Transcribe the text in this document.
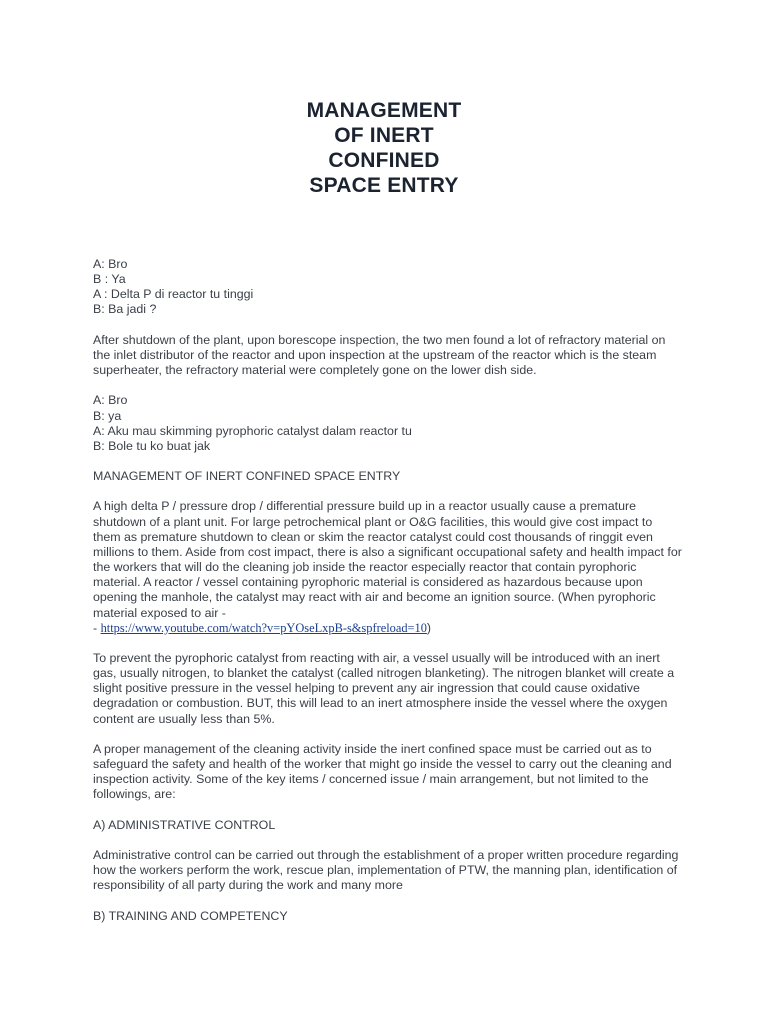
MANAGEMENT
OF INERT
CONFINED
SPACE ENTRY

A: Bro
B : Ya
A : Delta P di reactor tu tinggi
B: Ba jadi ?

After shutdown of the plant, upon borescope inspection, the two men found a lot of refractory material on the inlet distributor of the reactor and upon inspection at the upstream of the reactor which is the steam superheater, the refractory material were completely gone on the lower dish side.

A: Bro
B: ya
A: Aku mau skimming pyrophoric catalyst dalam reactor tu
B: Bole tu ko buat jak

MANAGEMENT OF INERT CONFINED SPACE ENTRY

A high delta P / pressure drop / differential pressure build up in a reactor usually cause a premature shutdown of a plant unit. For large petrochemical plant or O&G facilities, this would give cost impact to them as premature shutdown to clean or skim the reactor catalyst could cost thousands of ringgit even millions to them. Aside from cost impact, there is also a significant occupational safety and health impact for the workers that will do the cleaning job inside the reactor especially reactor that contain pyrophoric material. A reactor / vessel containing pyrophoric material is considered as hazardous because upon opening the manhole, the catalyst may react with air and become an ignition source. (When pyrophoric material exposed to air -
- https://www.youtube.com/watch?v=pYOseLxpB-s&spfreload=10)

To prevent the pyrophoric catalyst from reacting with air, a vessel usually will be introduced with an inert gas, usually nitrogen, to blanket the catalyst (called nitrogen blanketing). The nitrogen blanket will create a slight positive pressure in the vessel helping to prevent any air ingression that could cause oxidative degradation or combustion. BUT, this will lead to an inert atmosphere inside the vessel where the oxygen content are usually less than 5%.

A proper management of the cleaning activity inside the inert confined space must be carried out as to safeguard the safety and health of the worker that might go inside the vessel to carry out the cleaning and inspection activity. Some of the key items / concerned issue / main arrangement, but not limited to the followings, are:

A) ADMINISTRATIVE CONTROL

Administrative control can be carried out through the establishment of a proper written procedure regarding how the workers perform the work, rescue plan, implementation of PTW, the manning plan, identification of responsibility of all party during the work and many more

B) TRAINING AND COMPETENCY
